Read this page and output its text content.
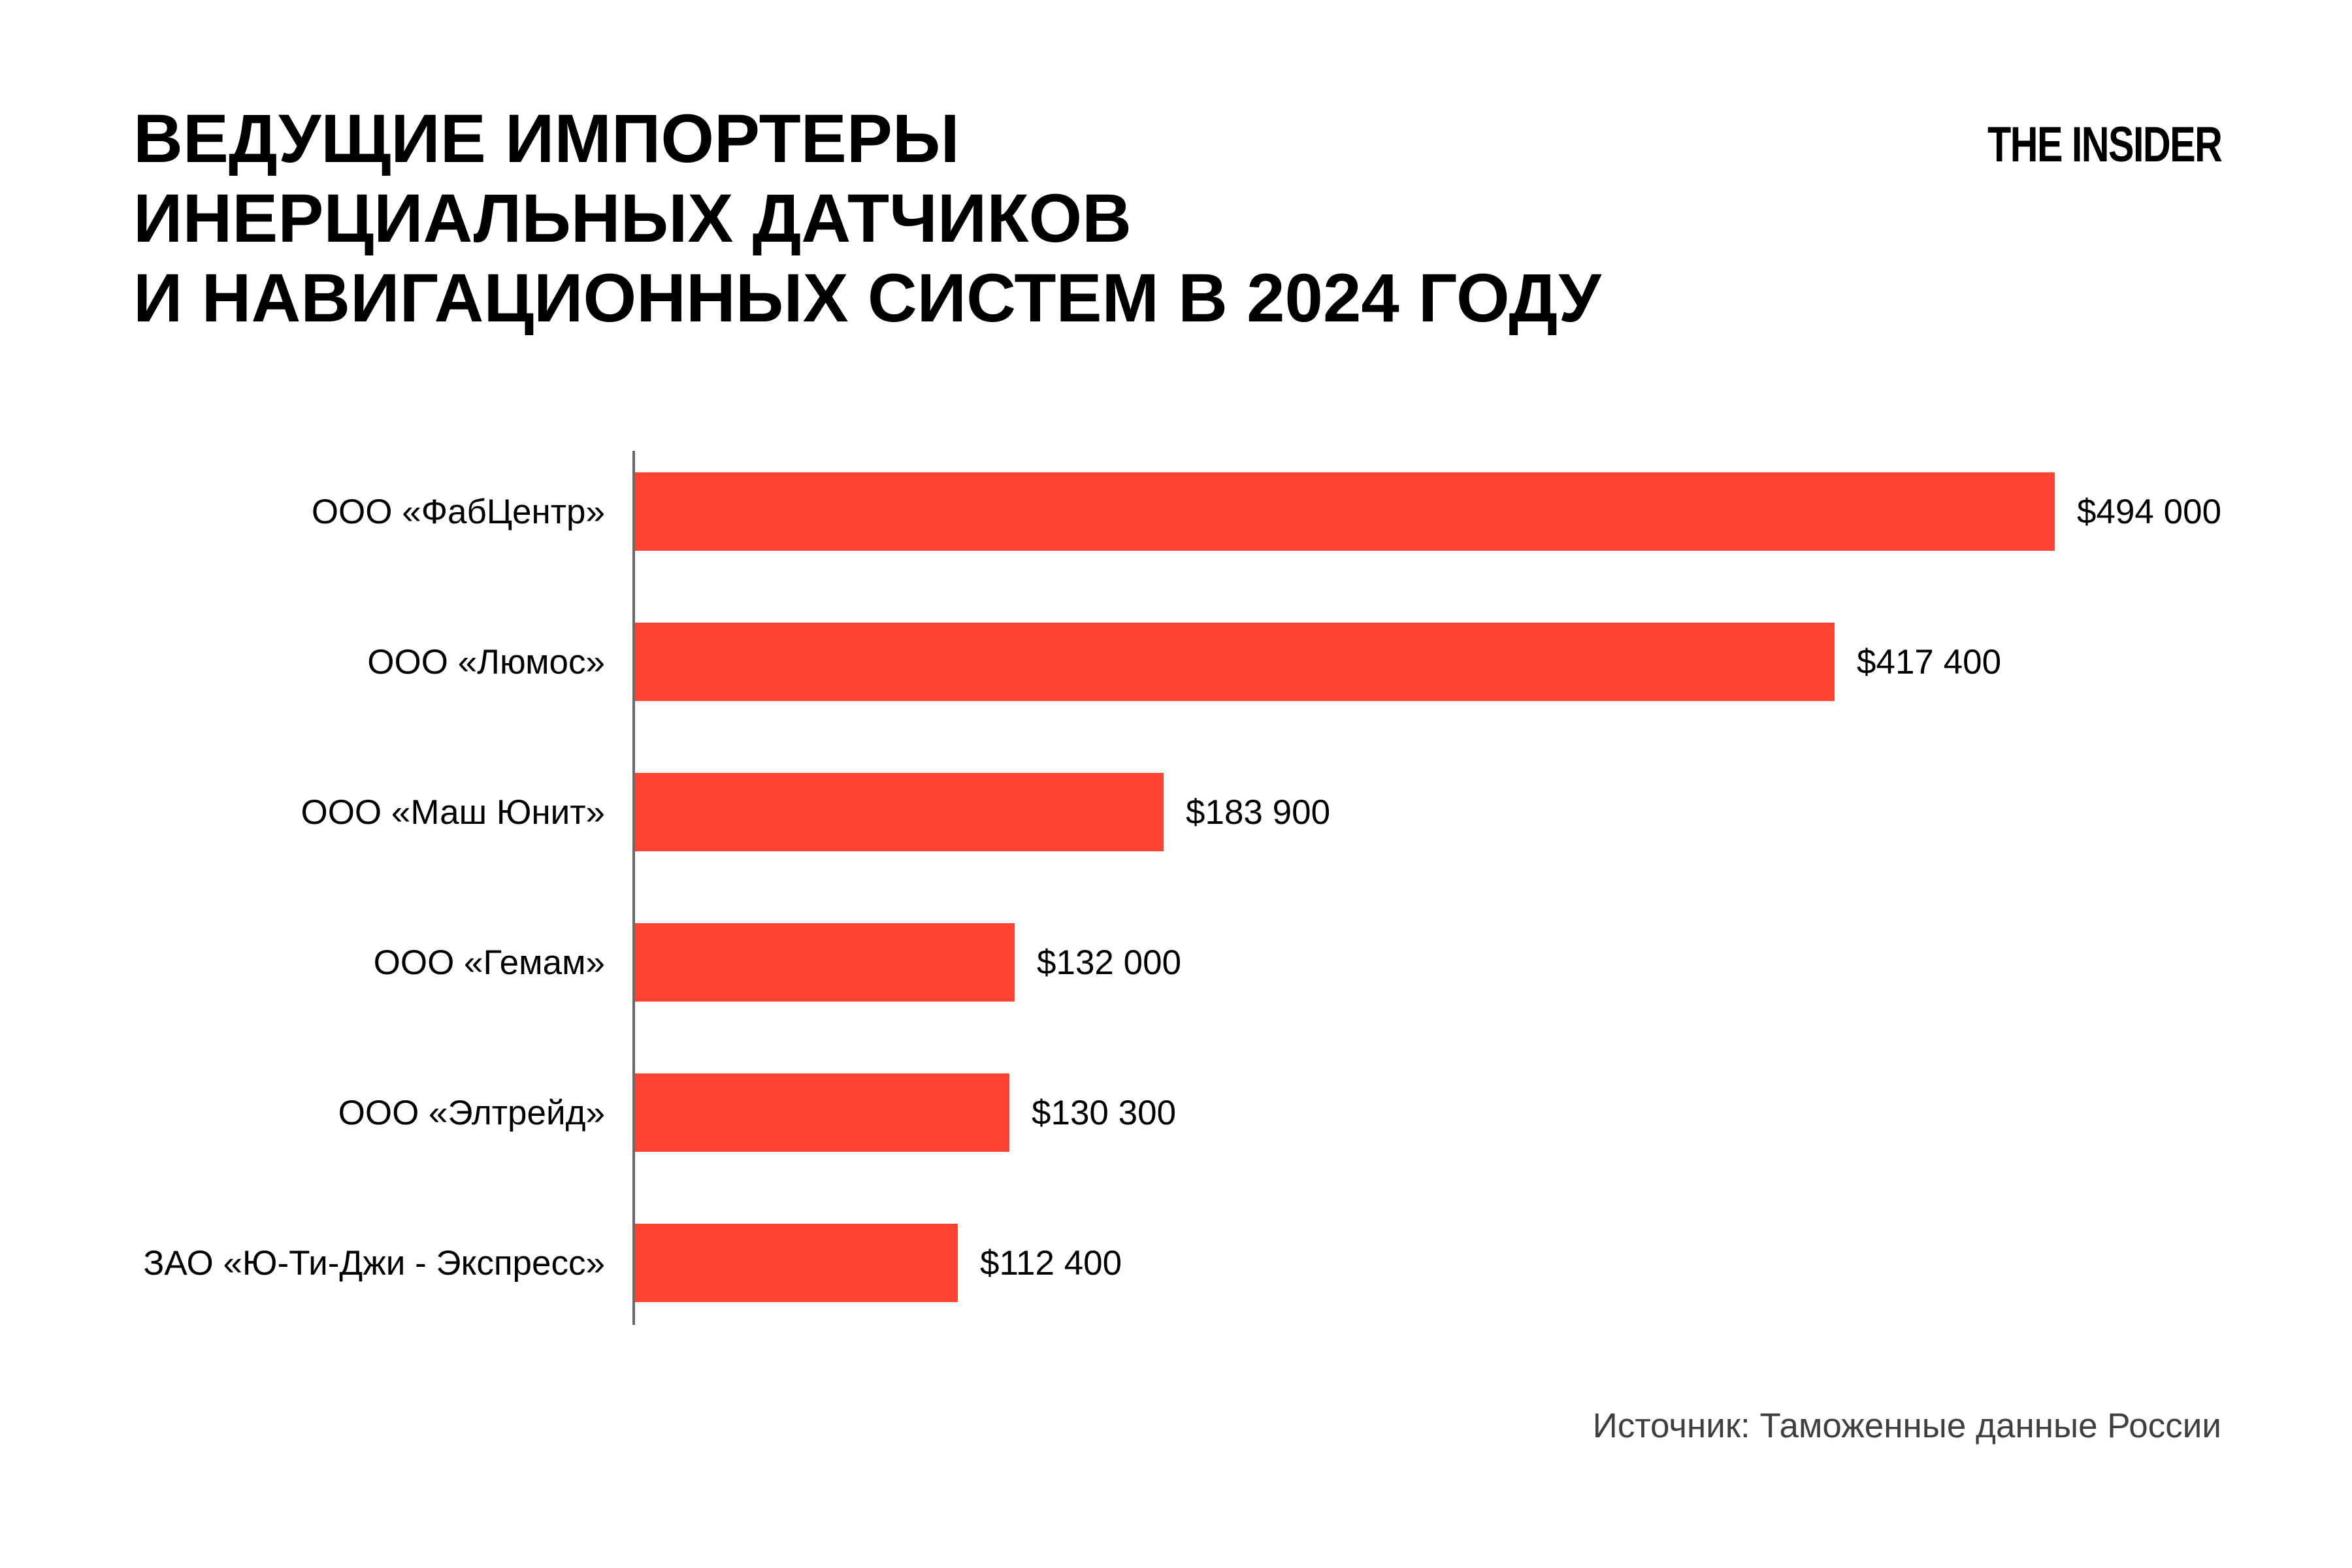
ВЕДУЩИЕ ИМПОРТЕРЫ
ИНЕРЦИАЛЬНЫХ ДАТЧИКОВ
И НАВИГАЦИОННЫХ СИСТЕМ В 2024 ГОДУ
THE INSIDER
ООО «ФабЦентр»	$494 000
ООО «Люмос»	$417 400
ООО «Маш Юнит»	$183 900
ООО «Гемам»	$132 000
ООО «Элтрейд»	$130 300
ЗАО «Ю-Ти-Джи - Экспресс»	$112 400
Источник: Таможенные данные России
